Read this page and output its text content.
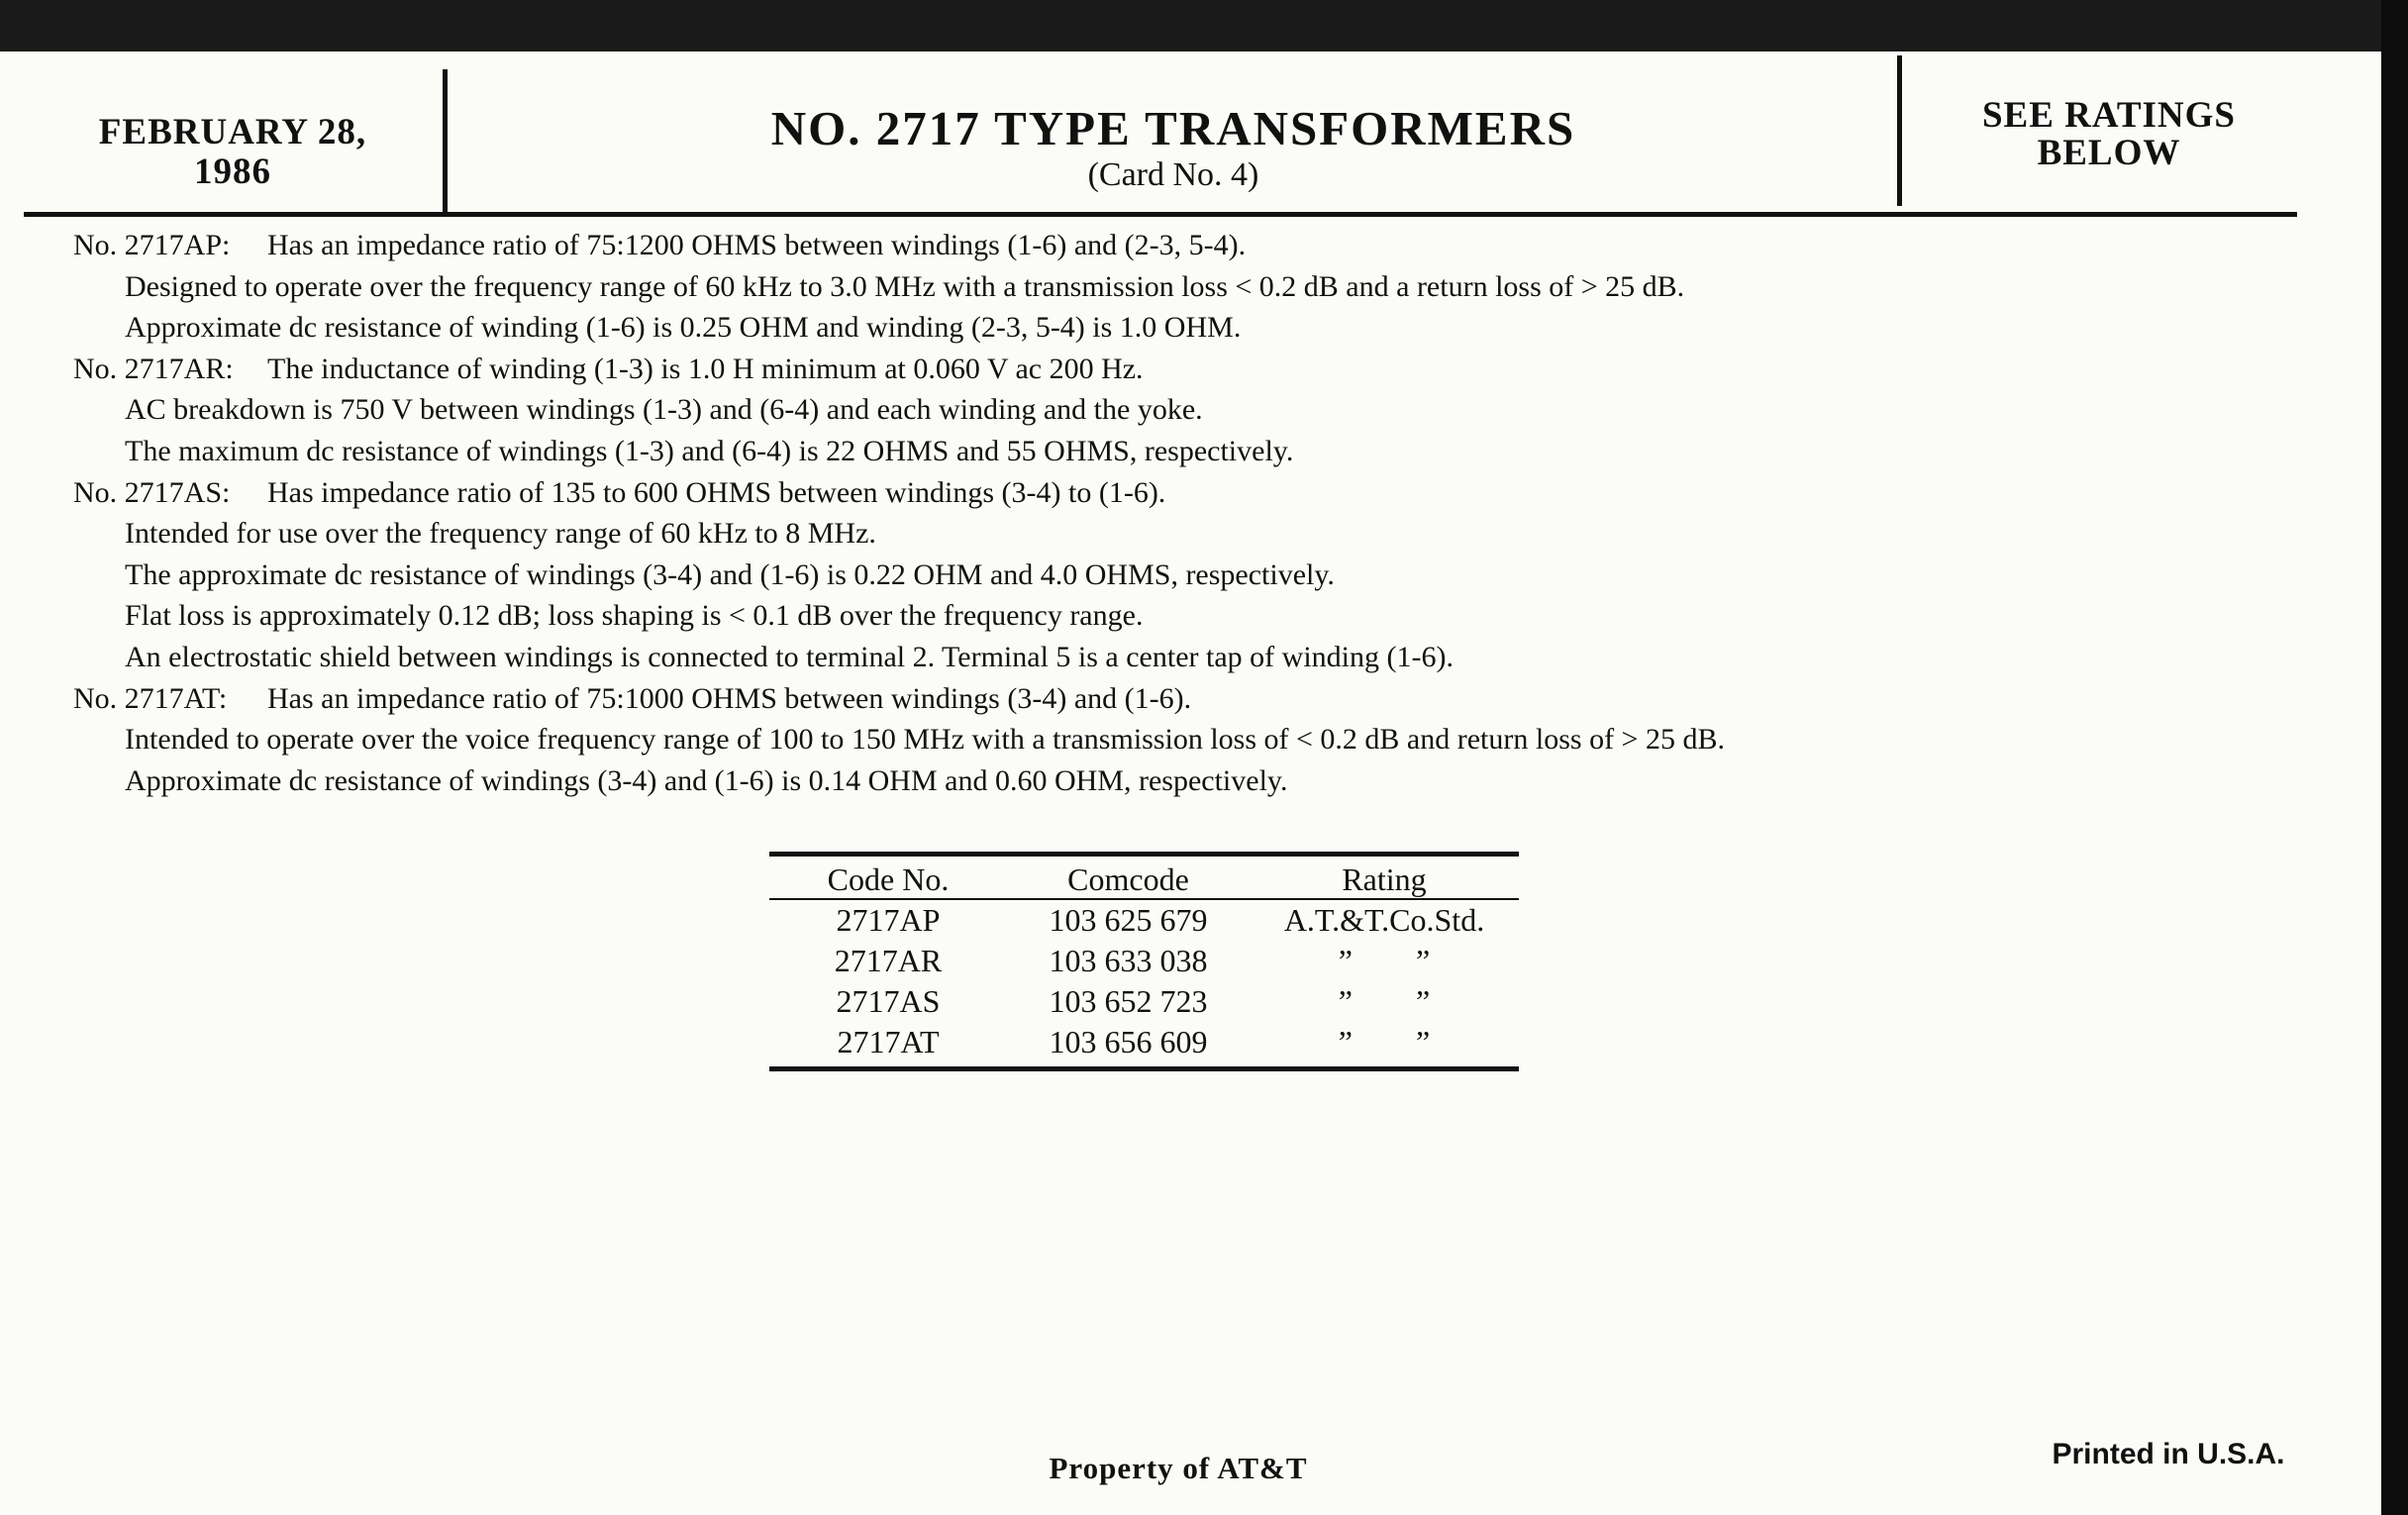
FEBRUARY 28,
1986
NO. 2717 TYPE TRANSFORMERS
(Card No. 4)
SEE RATINGS
BELOW
No. 2717AP: Has an impedance ratio of 75:1200 OHMS between windings (1-6) and (2-3, 5-4).
Designed to operate over the frequency range of 60 kHz to 3.0 MHz with a transmission loss < 0.2 dB and a return loss of > 25 dB.
Approximate dc resistance of winding (1-6) is 0.25 OHM and winding (2-3, 5-4) is 1.0 OHM.
No. 2717AR: The inductance of winding (1-3) is 1.0 H minimum at 0.060 V ac 200 Hz.
AC breakdown is 750 V between windings (1-3) and (6-4) and each winding and the yoke.
The maximum dc resistance of windings (1-3) and (6-4) is 22 OHMS and 55 OHMS, respectively.
No. 2717AS: Has impedance ratio of 135 to 600 OHMS between windings (3-4) to (1-6).
Intended for use over the frequency range of 60 kHz to 8 MHz.
The approximate dc resistance of windings (3-4) and (1-6) is 0.22 OHM and 4.0 OHMS, respectively.
Flat loss is approximately 0.12 dB; loss shaping is < 0.1 dB over the frequency range.
An electrostatic shield between windings is connected to terminal 2. Terminal 5 is a center tap of winding (1-6).
No. 2717AT: Has an impedance ratio of 75:1000 OHMS between windings (3-4) and (1-6).
Intended to operate over the voice frequency range of 100 to 150 MHz with a transmission loss of < 0.2 dB and return loss of > 25 dB.
Approximate dc resistance of windings (3-4) and (1-6) is 0.14 OHM and 0.60 OHM, respectively.
Code No.	Comcode	Rating
2717AP	103 625 679	A.T.&T.Co.Std.
2717AR	103 633 038	”        ”
2717AS	103 652 723	”        ”
2717AT	103 656 609	”        ”
Property of AT&T	Printed in U.S.A.
